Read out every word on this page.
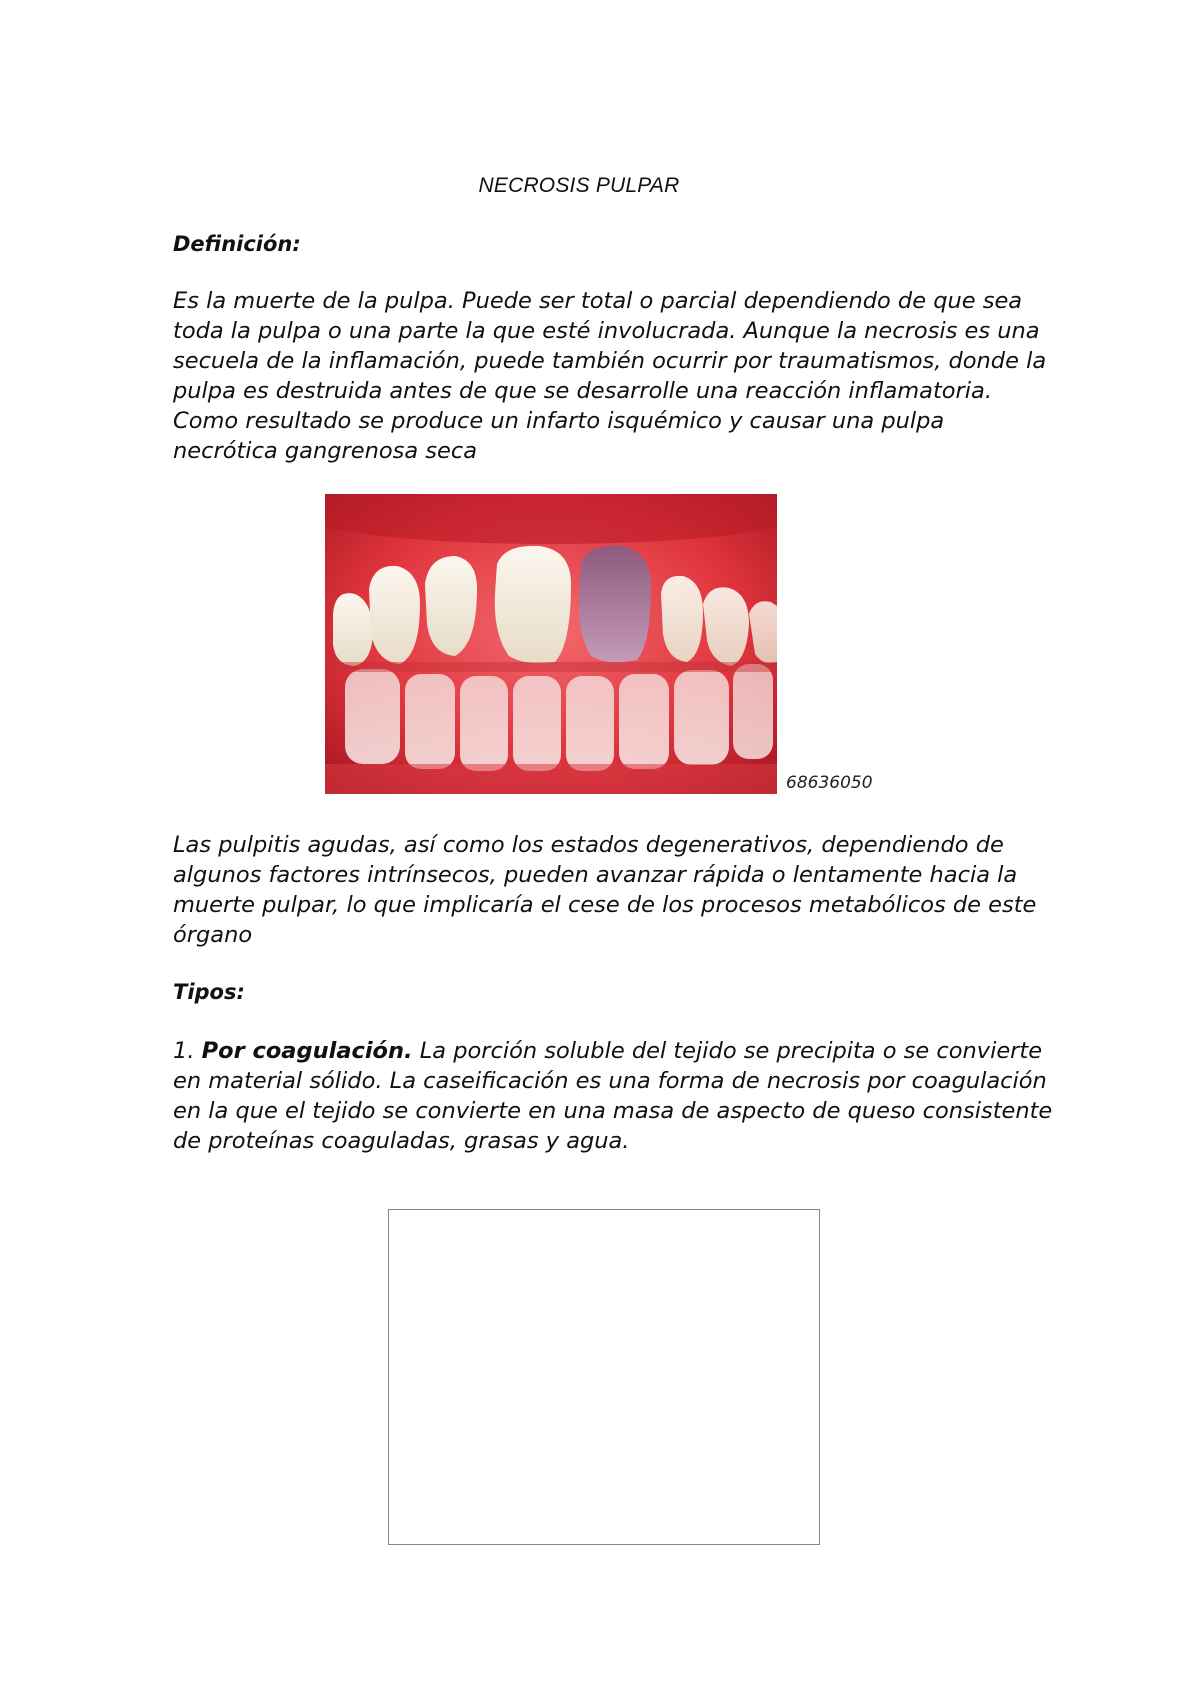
NECROSIS PULPAR
Definición:

Es la muerte de la pulpa. Puede ser total o parcial dependiendo de que sea toda la pulpa o una parte la que esté involucrada. Aunque la necrosis es una secuela de la inflamación, puede también ocurrir por traumatismos, donde la pulpa es destruida antes de que se desarrolle una reacción inflamatoria. Como resultado se produce un infarto isquémico y causar una pulpa necrótica gangrenosa seca

68636050

Las pulpitis agudas, así como los estados degenerativos, dependiendo de algunos factores intrínsecos, pueden avanzar rápida o lentamente hacia la muerte pulpar, lo que implicaría el cese de los procesos metabólicos de este órgano

Tipos:

1. Por coagulación. La porción soluble del tejido se precipita o se convierte en material sólido. La caseificación es una forma de necrosis por coagulación en la que el tejido se convierte en una masa de aspecto de queso consistente de proteínas coaguladas, grasas y agua.
